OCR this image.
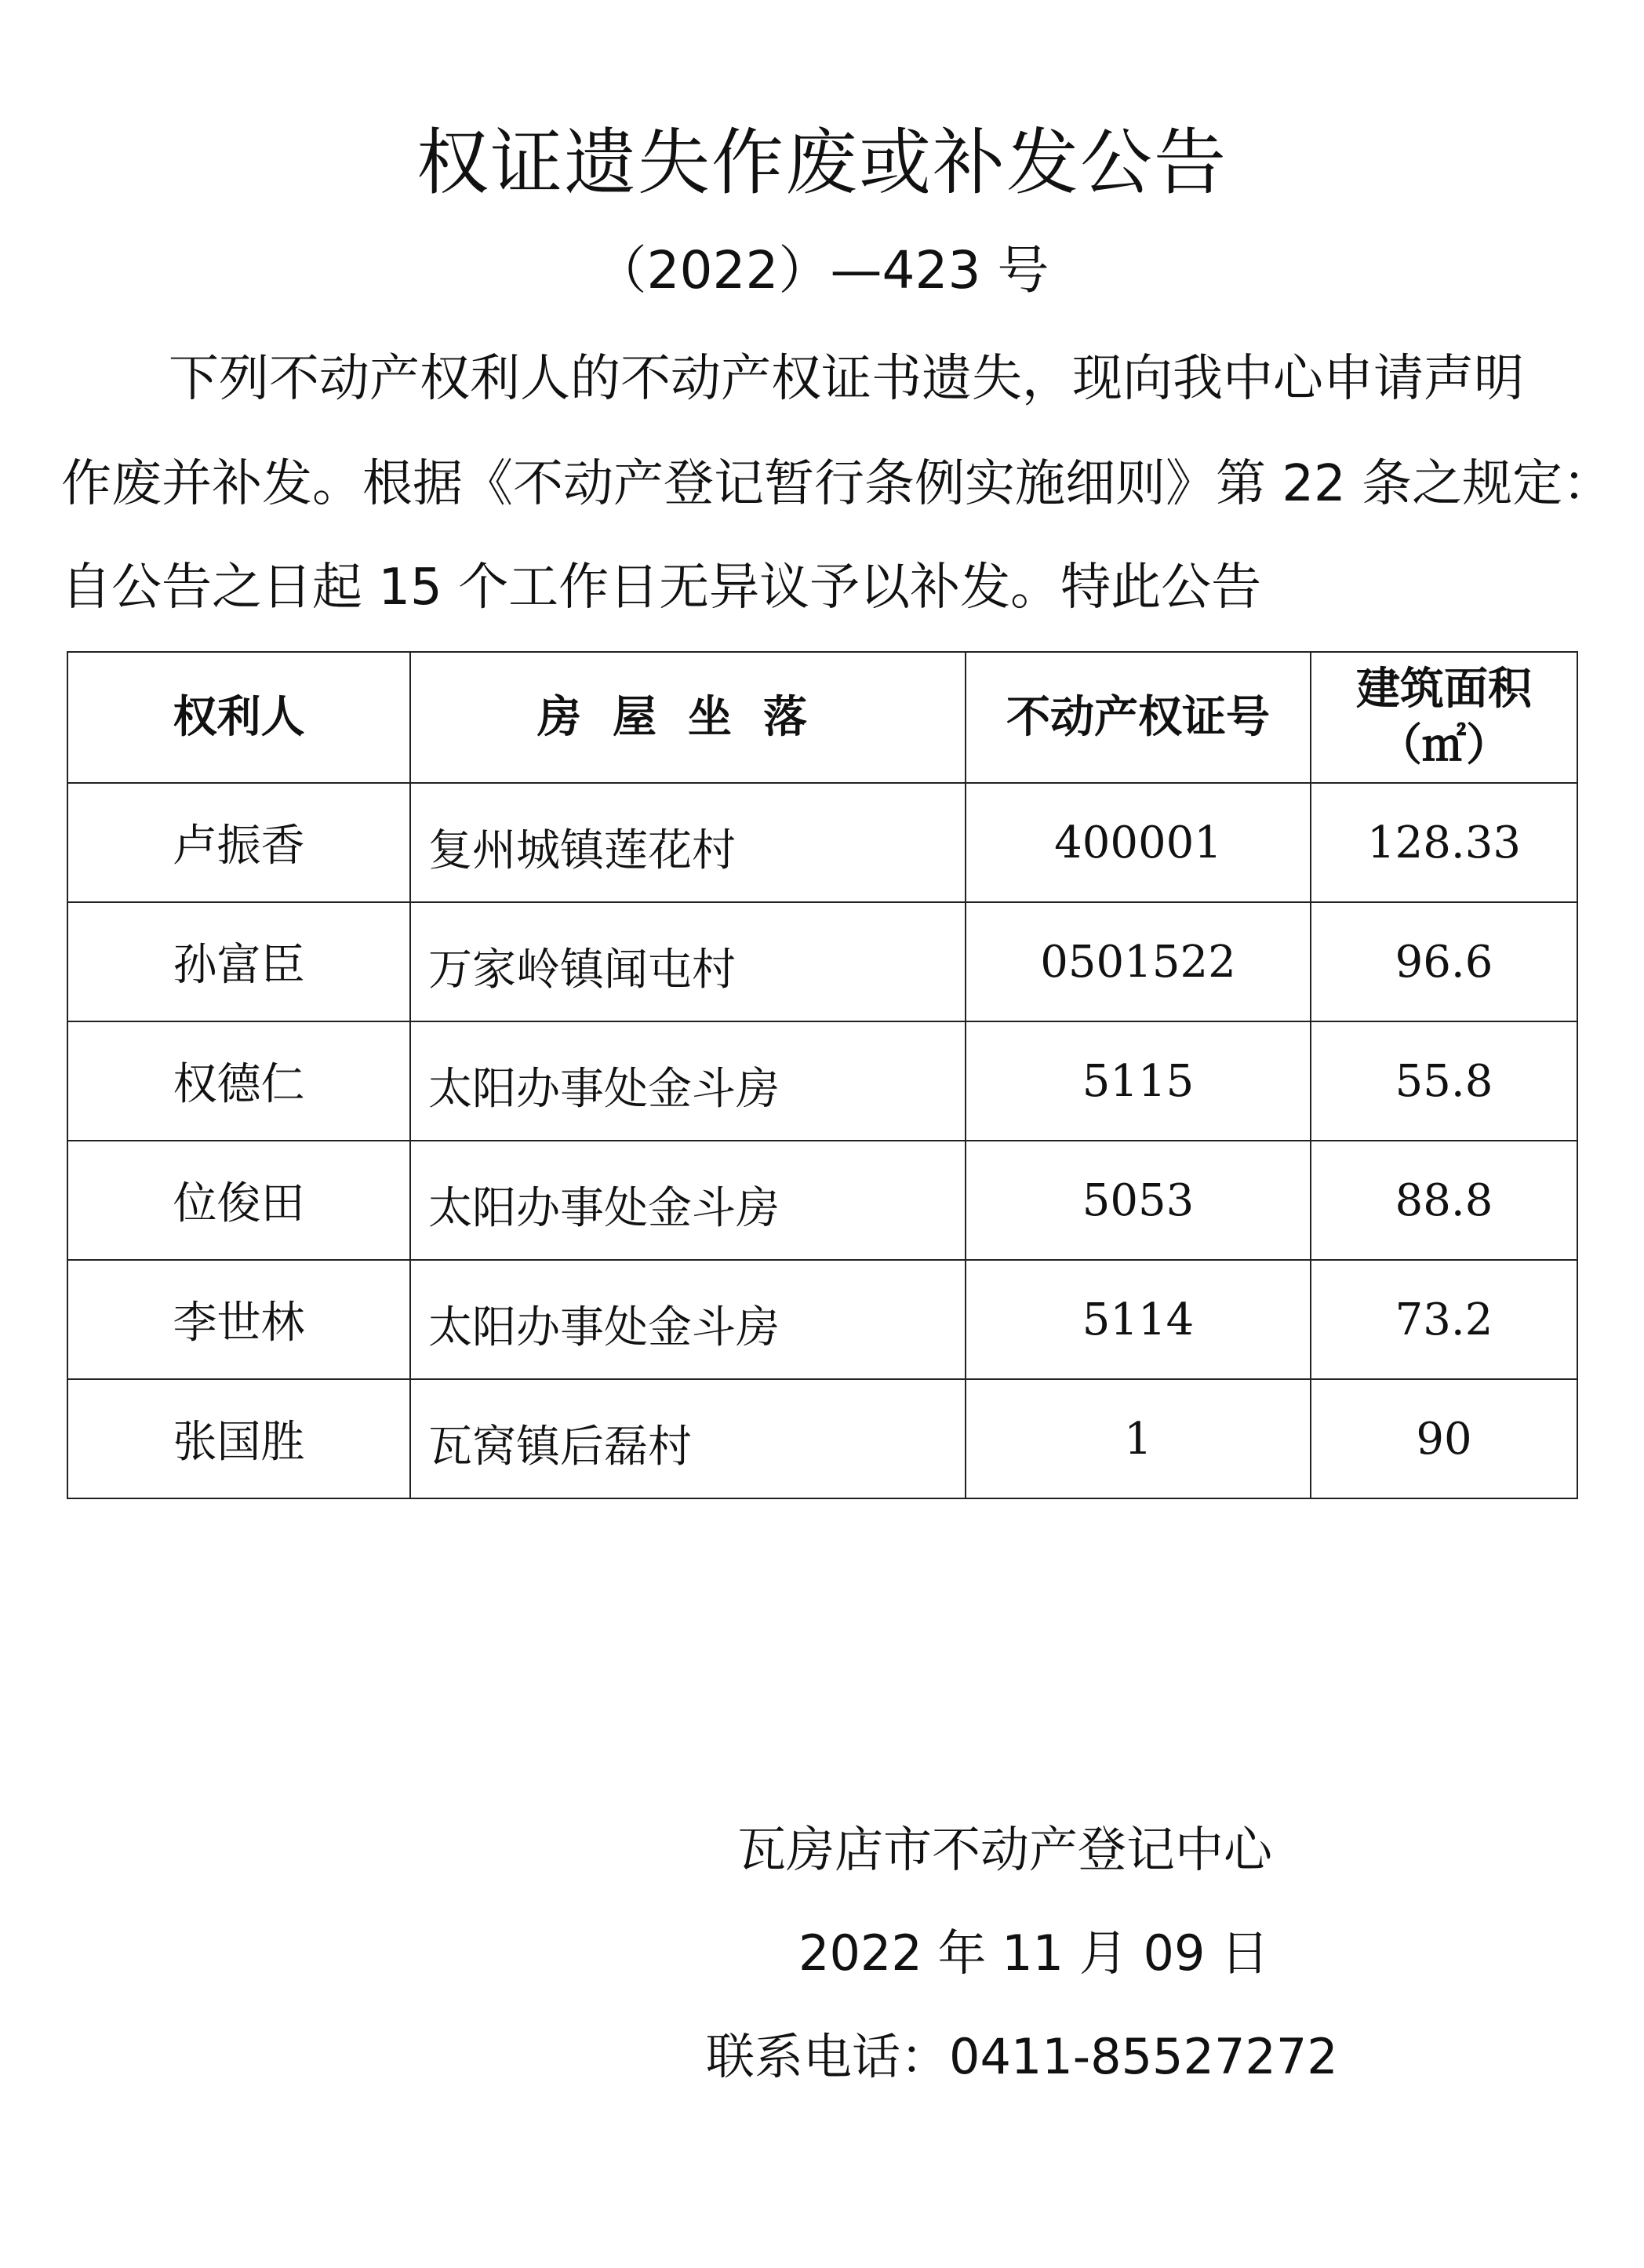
权证遗失作废或补发公告
（2022）—423 号
下列不动产权利人的不动产权证书遗失，现向我中心申请声明
作废并补发。根据《不动产登记暂行条例实施细则》第 22 条之规定：
自公告之日起 15 个工作日无异议予以补发。特此公告
权利人	房屋坐落	不动产权证号	建筑面积
（㎡）

卢振香	复州城镇莲花村	400001	128.33
孙富臣	万家岭镇闻屯村	0501522	96.6
权德仁	太阳办事处金斗房	5115	55.8
位俊田	太阳办事处金斗房	5053	88.8
李世林	太阳办事处金斗房	5114	73.2
张国胜	瓦窝镇后磊村	1	90
瓦房店市不动产登记中心
2022 年 11 月 09 日
联系电话：0411-85527272
